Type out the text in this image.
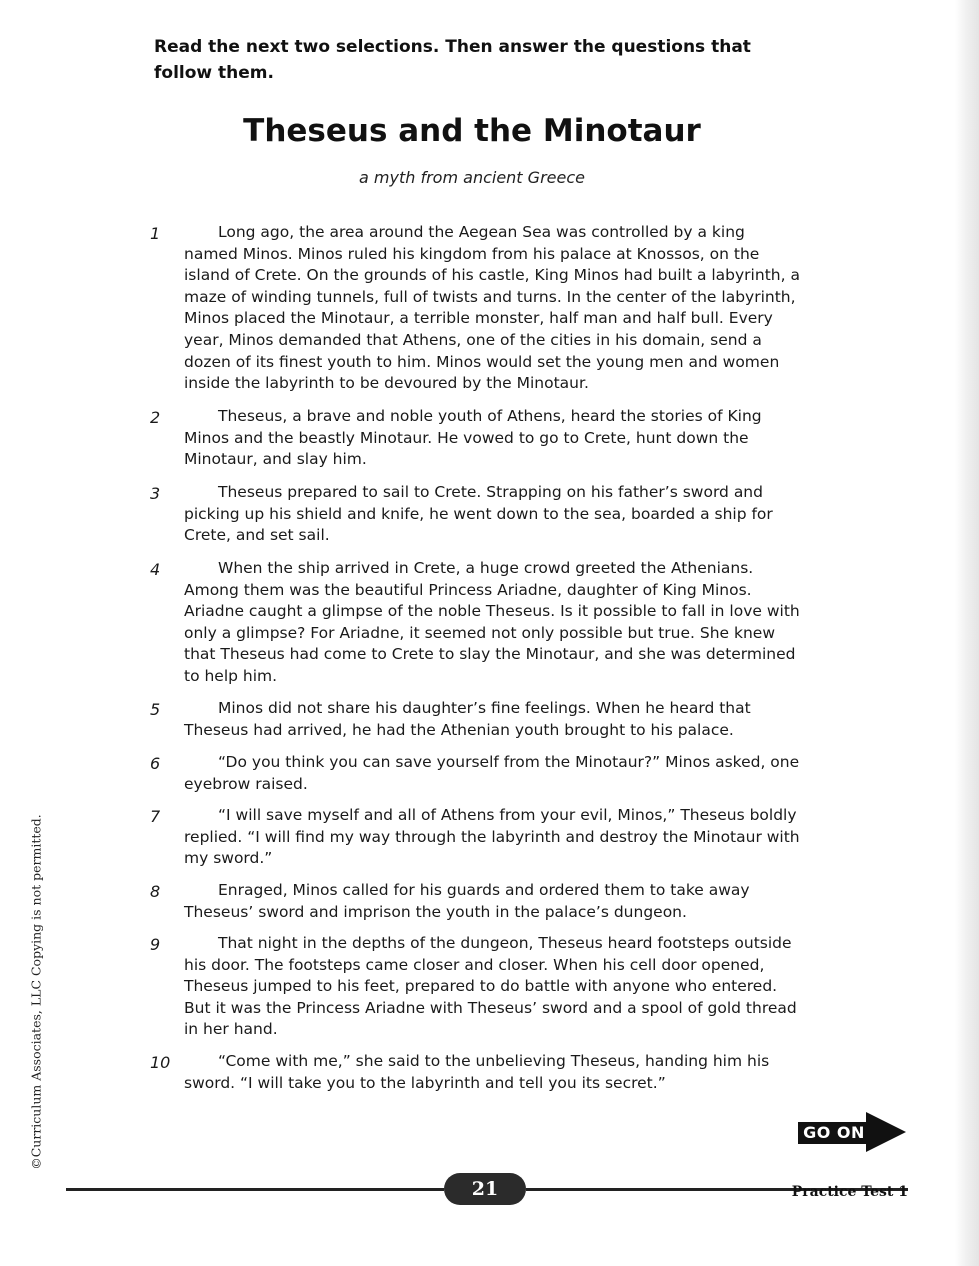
Read the next two selections. Then answer the questions that follow them.
Theseus and the Minotaur
a myth from ancient Greece
1	Long ago, the area around the Aegean Sea was controlled by a king named Minos. Minos ruled his kingdom from his palace at Knossos, on the island of Crete. On the grounds of his castle, King Minos had built a labyrinth, a maze of winding tunnels, full of twists and turns. In the center of the labyrinth, Minos placed the Minotaur, a terrible monster, half man and half bull. Every year, Minos demanded that Athens, one of the cities in his domain, send a dozen of its finest youth to him. Minos would set the young men and women inside the labyrinth to be devoured by the Minotaur.
2	Theseus, a brave and noble youth of Athens, heard the stories of King Minos and the beastly Minotaur. He vowed to go to Crete, hunt down the Minotaur, and slay him.
3	Theseus prepared to sail to Crete. Strapping on his father’s sword and picking up his shield and knife, he went down to the sea, boarded a ship for Crete, and set sail.
4	When the ship arrived in Crete, a huge crowd greeted the Athenians. Among them was the beautiful Princess Ariadne, daughter of King Minos. Ariadne caught a glimpse of the noble Theseus. Is it possible to fall in love with only a glimpse? For Ariadne, it seemed not only possible but true. She knew that Theseus had come to Crete to slay the Minotaur, and she was determined to help him.
5	Minos did not share his daughter’s fine feelings. When he heard that Theseus had arrived, he had the Athenian youth brought to his palace.
6	“Do you think you can save yourself from the Minotaur?” Minos asked, one eyebrow raised.
7	“I will save myself and all of Athens from your evil, Minos,” Theseus boldly replied. “I will find my way through the labyrinth and destroy the Minotaur with my sword.”
8	Enraged, Minos called for his guards and ordered them to take away Theseus’ sword and imprison the youth in the palace’s dungeon.
9	That night in the depths of the dungeon, Theseus heard footsteps outside his door. The footsteps came closer and closer. When his cell door opened, Theseus jumped to his feet, prepared to do battle with anyone who entered. But it was the Princess Ariadne with Theseus’ sword and a spool of gold thread in her hand.
10	“Come with me,” she said to the unbelieving Theseus, handing him his sword. “I will take you to the labyrinth and tell you its secret.”
©Curriculum Associates, LLC Copying is not permitted.	GO ON
21	Practice Test 1
